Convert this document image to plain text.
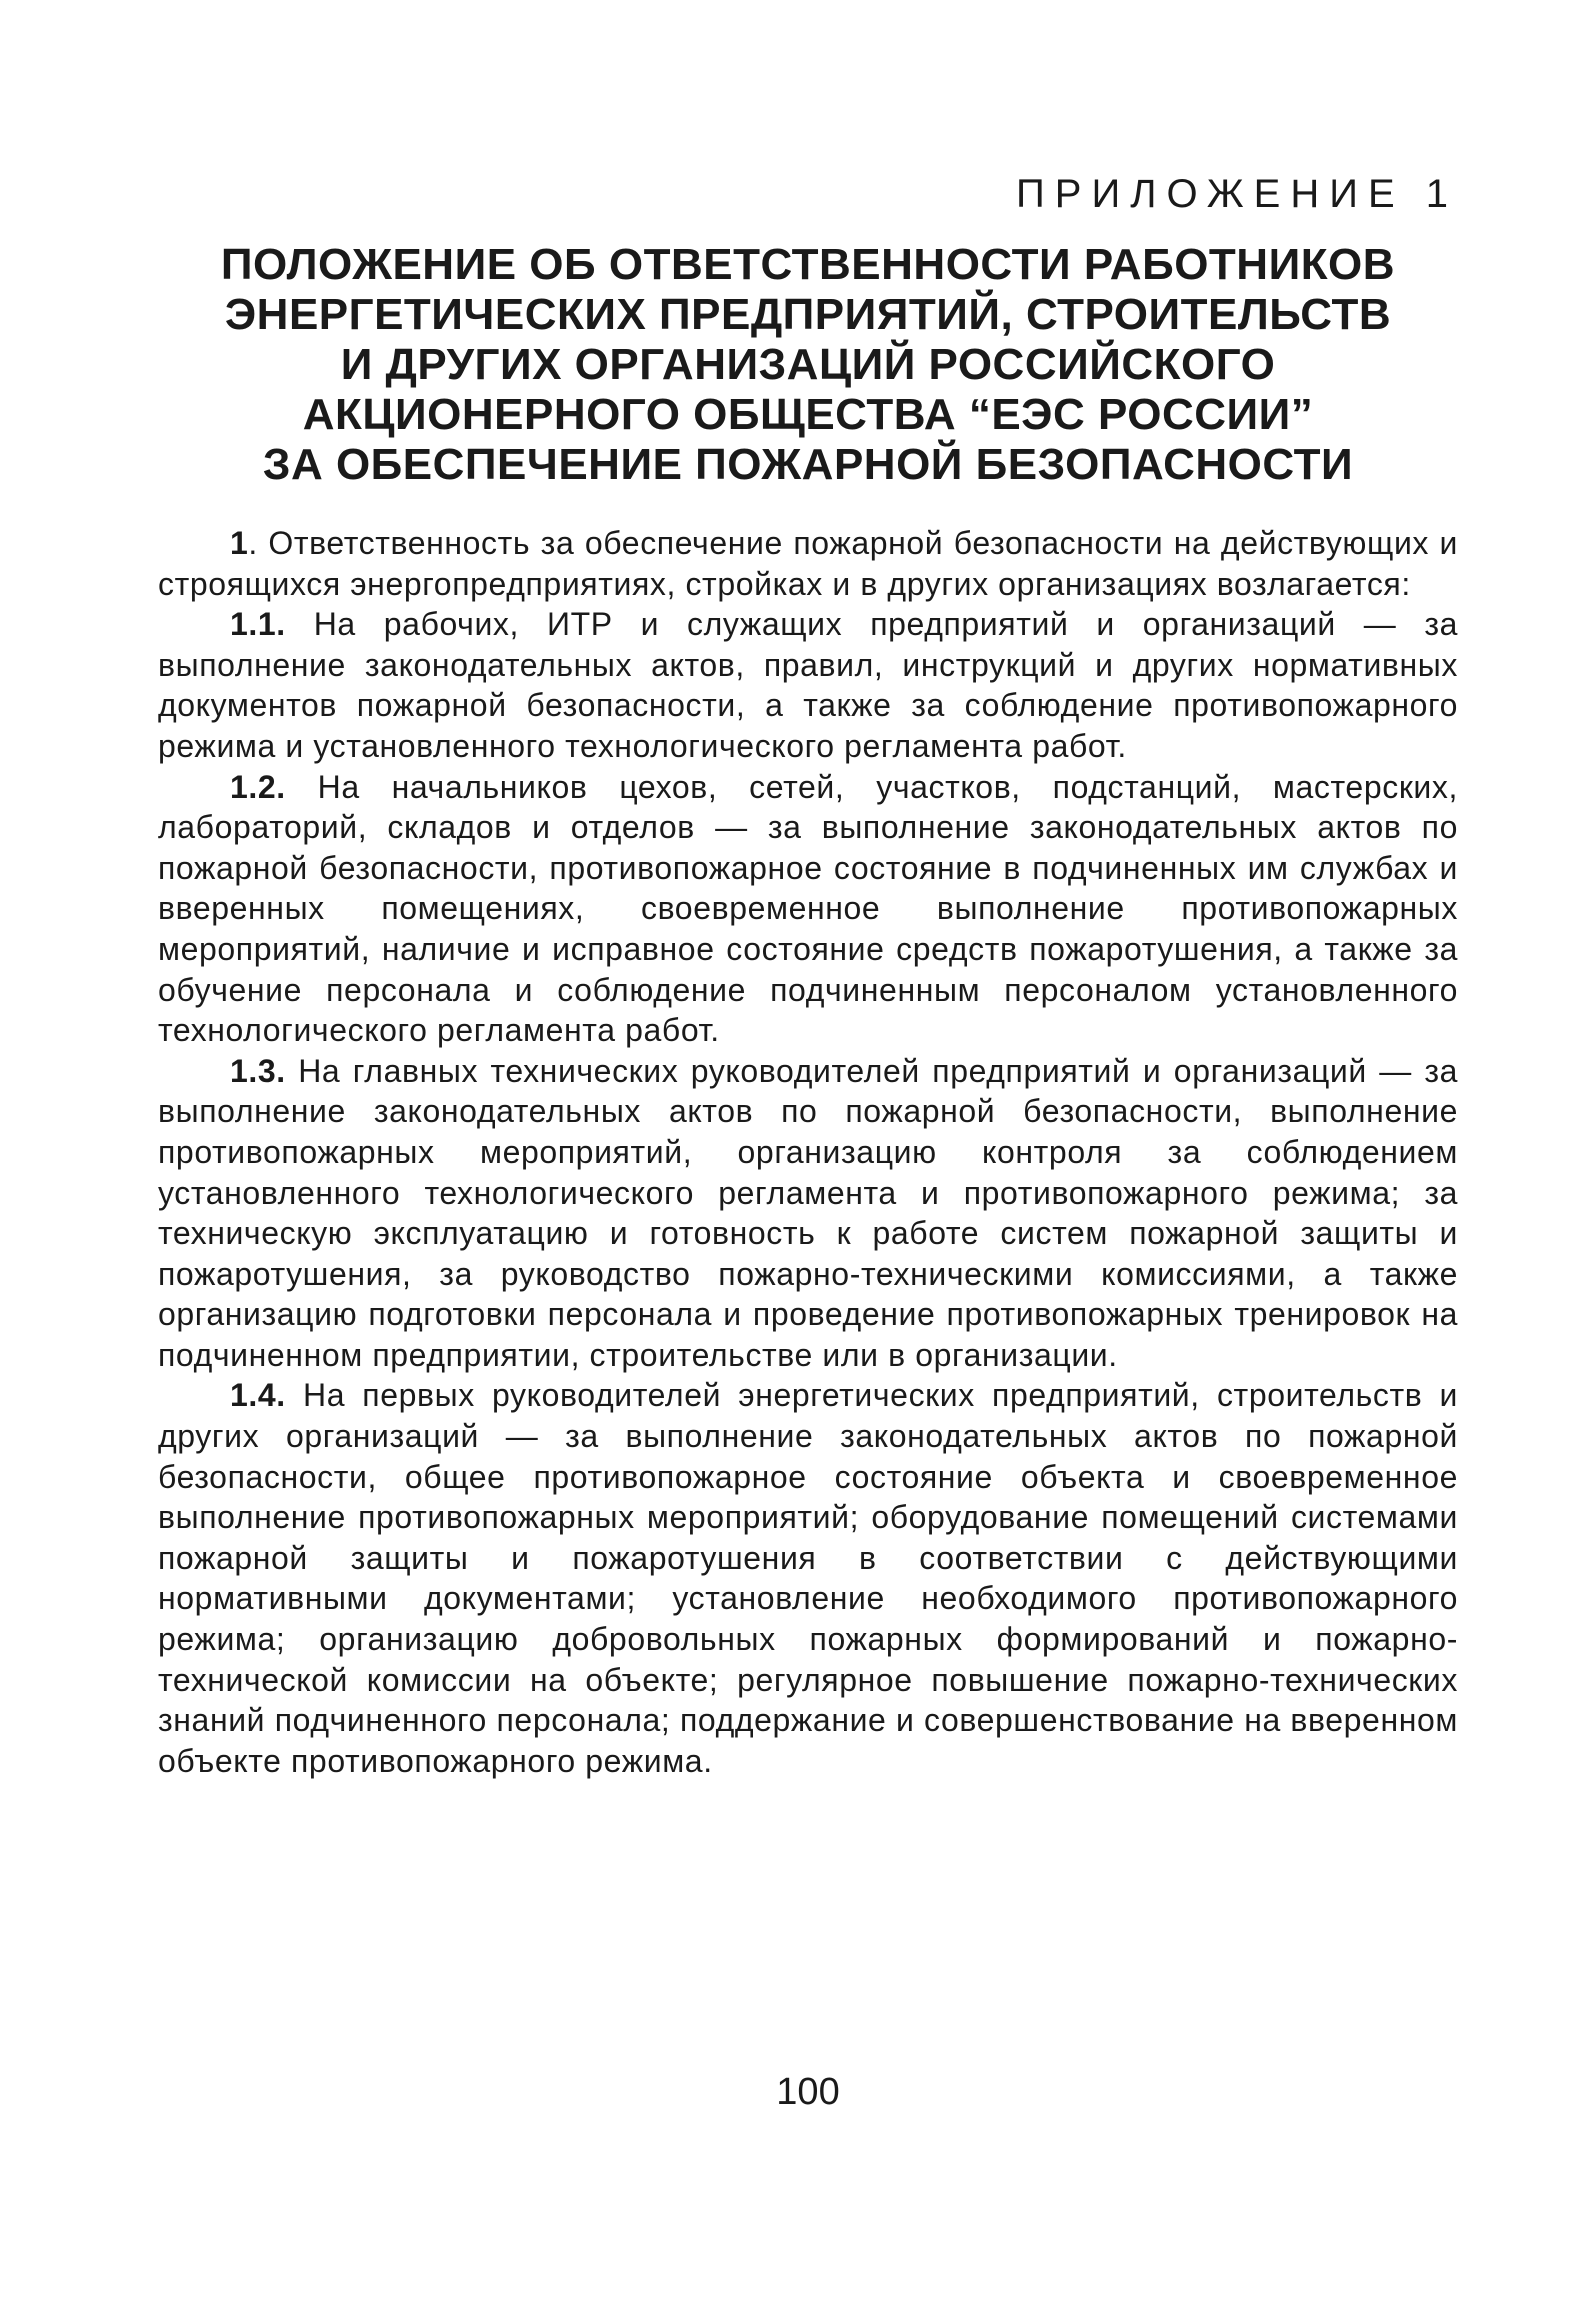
ПРИЛОЖЕНИЕ 1
ПОЛОЖЕНИЕ ОБ ОТВЕТСТВЕННОСТИ РАБОТНИКОВ
ЭНЕРГЕТИЧЕСКИХ ПРЕДПРИЯТИЙ, СТРОИТЕЛЬСТВ
И ДРУГИХ ОРГАНИЗАЦИЙ РОССИЙСКОГО
АКЦИОНЕРНОГО ОБЩЕСТВА “ЕЭС РОССИИ”
ЗА ОБЕСПЕЧЕНИЕ ПОЖАРНОЙ БЕЗОПАСНОСТИ

1. Ответственность за обеспечение пожарной безопасности на действующих и строящихся энергопредприятиях, стройках и в других организациях возлагается:

1.1. На рабочих, ИТР и служащих предприятий и организаций — за выполнение законодательных актов, правил, инструкций и других нормативных документов пожарной безопасности, а также за соблюдение противопожарного режима и установленного технологического регламента работ.

1.2. На начальников цехов, сетей, участков, подстанций, мастерских, лабораторий, складов и отделов — за выполнение законодательных актов по пожарной безопасности, противопожарное состояние в подчиненных им службах и вверенных помещениях, своевременное выполнение противопожарных мероприятий, наличие и исправное состояние средств пожаротушения, а также за обучение персонала и соблюдение подчиненным персоналом установленного технологического регламента работ.

1.3. На главных технических руководителей предприятий и организаций — за выполнение законодательных актов по пожарной безопасности, выполнение противопожарных мероприятий, организацию контроля за соблюдением установленного технологического регламента и противопожарного режима; за техническую эксплуатацию и готовность к работе систем пожарной защиты и пожаротушения, за руководство пожарно-техническими комиссиями, а также организацию подготовки персонала и проведение противопожарных тренировок на подчиненном предприятии, строительстве или в организации.

1.4. На первых руководителей энергетических предприятий, строительств и других организаций — за выполнение законодательных актов по пожарной безопасности, общее противопожарное состояние объекта и своевременное выполнение противопожарных мероприятий; оборудование помещений системами пожарной защиты и пожаротушения в соответствии с действующими нормативными документами; установление необходимого противопожарного режима; организацию добровольных пожарных формирований и пожарно-технической комиссии на объекте; регулярное повышение пожарно-технических знаний подчиненного персонала; поддержание и совершенствование на вверенном объекте противопожарного режима.

100
